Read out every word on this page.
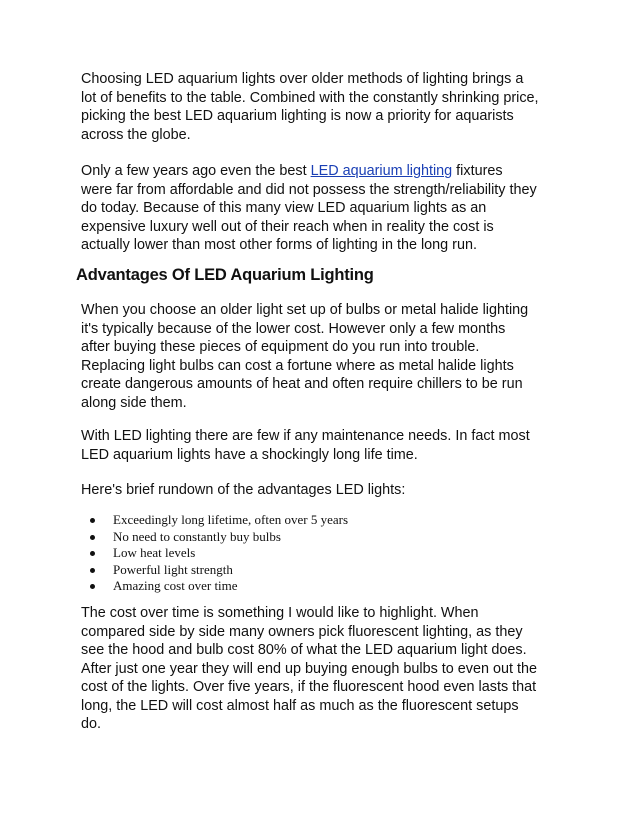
Choosing LED aquarium lights over older methods of lighting brings a
lot of benefits to the table. Combined with the constantly shrinking price,
picking the best LED aquarium lighting is now a priority for aquarists
across the globe.

Only a few years ago even the best LED aquarium lighting fixtures
were far from affordable and did not possess the strength/reliability they
do today. Because of this many view LED aquarium lights as an
expensive luxury well out of their reach when in reality the cost is
actually lower than most other forms of lighting in the long run.

Advantages Of LED Aquarium Lighting

When you choose an older light set up of bulbs or metal halide lighting
it's typically because of the lower cost. However only a few months
after buying these pieces of equipment do you run into trouble.
Replacing light bulbs can cost a fortune where as metal halide lights
create dangerous amounts of heat and often require chillers to be run
along side them.

With LED lighting there are few if any maintenance needs. In fact most
LED aquarium lights have a shockingly long life time.

Here's brief rundown of the advantages LED lights:

Exceedingly long lifetime, often over 5 years
No need to constantly buy bulbs
Low heat levels
Powerful light strength
Amazing cost over time

The cost over time is something I would like to highlight. When
compared side by side many owners pick fluorescent lighting, as they
see the hood and bulb cost 80% of what the LED aquarium light does.
After just one year they will end up buying enough bulbs to even out the
cost of the lights. Over five years, if the fluorescent hood even lasts that
long, the LED will cost almost half as much as the fluorescent setups
do.
